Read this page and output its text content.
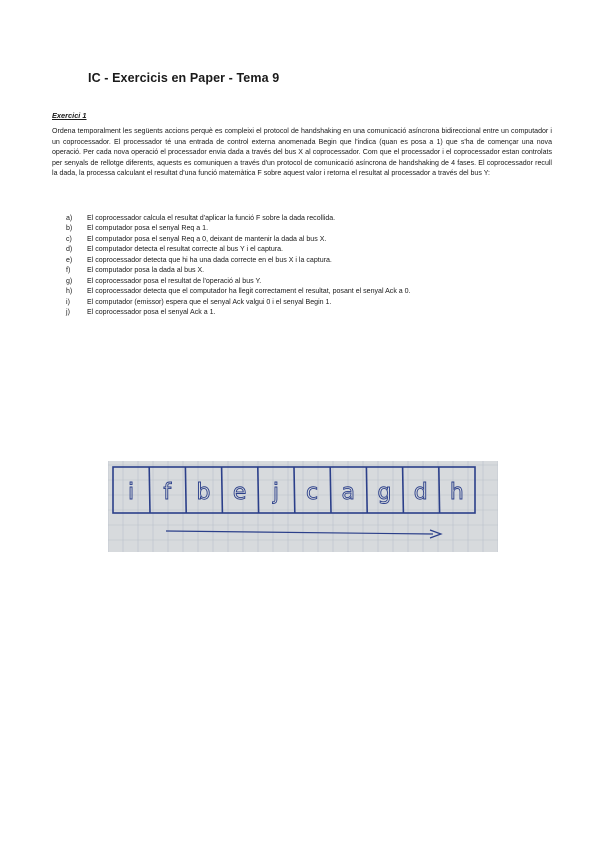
IC - Exercicis en Paper - Tema 9
Exercici 1

Ordena temporalment les següents accions perquè es compleixi el protocol de handshaking en una comunicació asíncrona bidireccional entre un computador i un coprocessador. El processador té una entrada de control externa anomenada Begin que l'indica (quan es posa a 1) que s'ha de començar una nova operació. Per cada nova operació el processador envia dada a través del bus X al coprocessador. Com que el processador i el coprocessador estan controlats per senyals de rellotge diferents, aquests es comuniquen a través d'un protocol de comunicació asíncrona de handshaking de 4 fases. El coprocessador recull la dada, la processa calculant el resultat d'una funció matemàtica F sobre aquest valor i retorna el resultat al processador a través del bus Y:

a)	El coprocessador calcula el resultat d'aplicar la funció F sobre la dada recollida.
b)	El computador posa el senyal Req a 1.
c)	El computador posa el senyal Req a 0, deixant de mantenir la dada al bus X.
d)	El computador detecta el resultat correcte al bus Y i el captura.
e)	El coprocessador detecta que hi ha una dada correcte en el bus X i la captura.
f)	El computador posa la dada al bus X.
g)	El coprocessador posa el resultat de l'operació al bus Y.
h)	El coprocessador detecta que el computador ha llegit correctament el resultat, posant el senyal Ack a 0.
i)	El computador (emissor) espera que el senyal Ack valgui 0 i el senyal Begin 1.
j)	El coprocessador posa el senyal Ack a 1.
i f b e j c a g d h
t
